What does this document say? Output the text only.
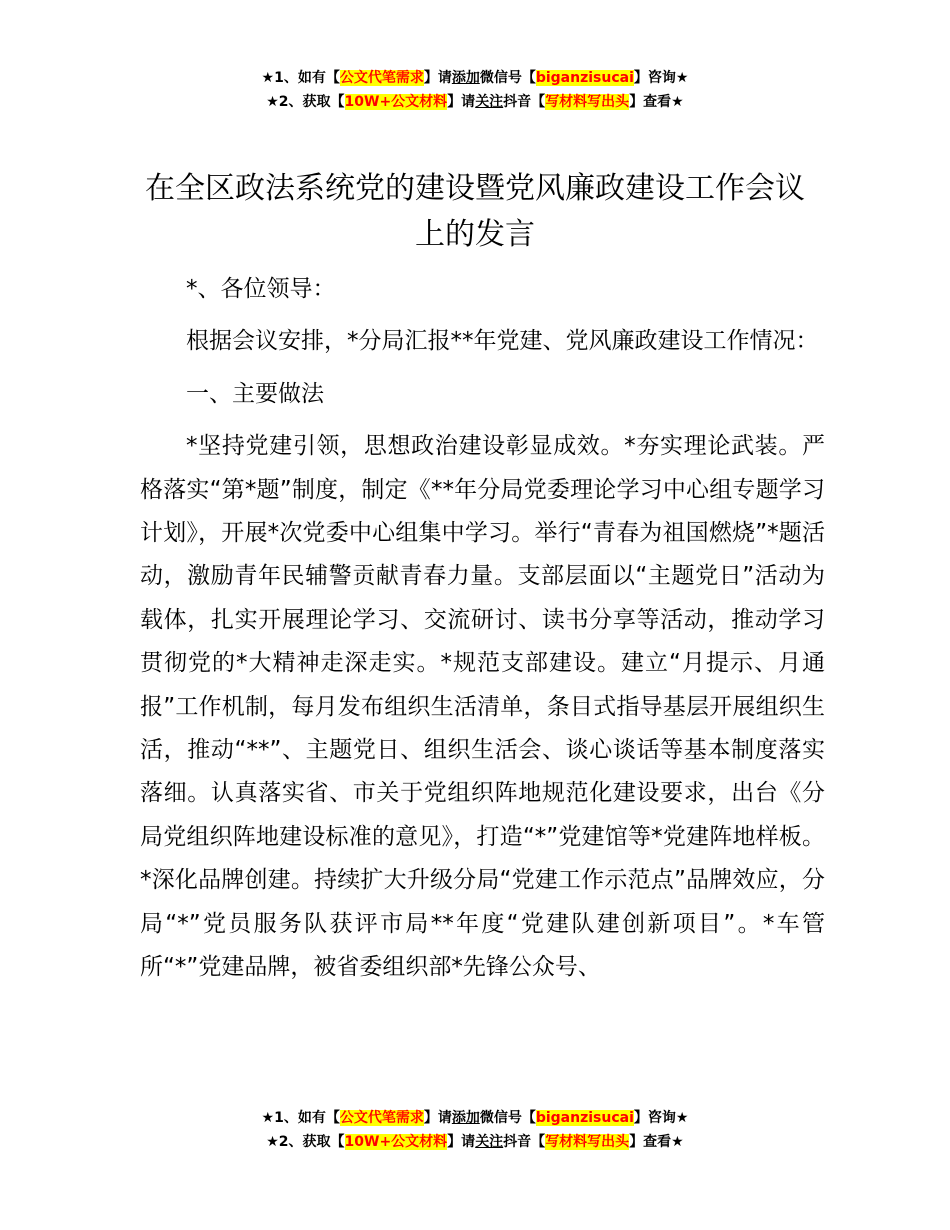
★1、如有【公文代笔需求】请添加微信号【biganzisucai】咨询★
★2、获取【10W+公文材料】请关注抖音【写材料写出头】查看★
在全区政法系统党的建设暨党风廉政建设工作会议上的发言

*、各位领导：

根据会议安排，*分局汇报**年党建、党风廉政建设工作情况：

一、主要做法

*坚持党建引领，思想政治建设彰显成效。*夯实理论武装。严格落实“第*题”制度，制定《**年分局党委理论学习中心组专题学习计划》，开展*次党委中心组集中学习。举行“青春为祖国燃烧”*题活动，激励青年民辅警贡献青春力量。支部层面以“主题党日”活动为载体，扎实开展理论学习、交流研讨、读书分享等活动，推动学习贯彻党的*大精神走深走实。*规范支部建设。建立“月提示、月通报”工作机制，每月发布组织生活清单，条目式指导基层开展组织生活，推动“**”、主题党日、组织生活会、谈心谈话等基本制度落实落细。认真落实省、市关于党组织阵地规范化建设要求，出台《分局党组织阵地建设标准的意见》，打造“*”党建馆等*党建阵地样板。*深化品牌创建。持续扩大升级分局“党建工作示范点”品牌效应，分局“*”党员服务队获评市局**年度“党建队建创新项目”。*车管所“*”党建品牌，被省委组织部*先锋公众号、

★1、如有【公文代笔需求】请添加微信号【biganzisucai】咨询★
★2、获取【10W+公文材料】请关注抖音【写材料写出头】查看★
